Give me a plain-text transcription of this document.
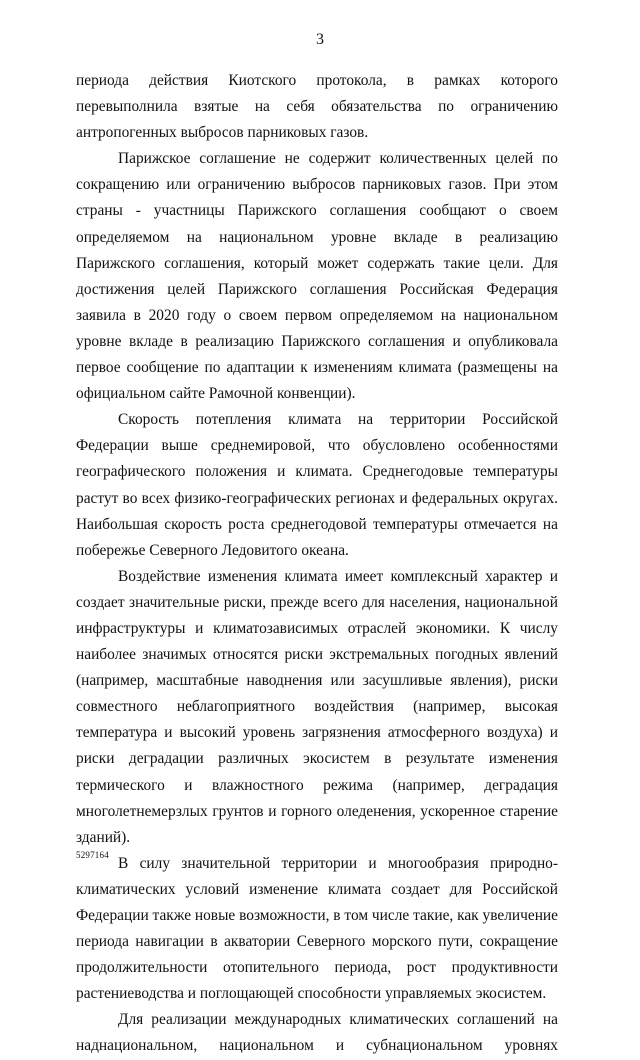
3

периода действия Киотского протокола, в рамках которого перевыполнила взятые на себя обязательства по ограничению антропогенных выбросов парниковых газов.

Парижское соглашение не содержит количественных целей по сокращению или ограничению выбросов парниковых газов. При этом страны - участницы Парижского соглашения сообщают о своем определяемом на национальном уровне вкладе в реализацию Парижского соглашения, который может содержать такие цели. Для достижения целей Парижского соглашения Российская Федерация заявила в 2020 году о своем первом определяемом на национальном уровне вкладе в реализацию Парижского соглашения и опубликовала первое сообщение по адаптации к изменениям климата (размещены на официальном сайте Рамочной конвенции).

Скорость потепления климата на территории Российской Федерации выше среднемировой, что обусловлено особенностями географического положения и климата. Среднегодовые температуры растут во всех физико-географических регионах и федеральных округах. Наибольшая скорость роста среднегодовой температуры отмечается на побережье Северного Ледовитого океана.

Воздействие изменения климата имеет комплексный характер и создает значительные риски, прежде всего для населения, национальной инфраструктуры и климатозависимых отраслей экономики. К числу наиболее значимых относятся риски экстремальных погодных явлений (например, масштабные наводнения или засушливые явления), риски совместного неблагоприятного воздействия (например, высокая температура и высокий уровень загрязнения атмосферного воздуха) и риски деградации различных экосистем в результате изменения термического и влажностного режима (например, деградация многолетнемерзлых грунтов и горного оледенения, ускоренное старение зданий).

В силу значительной территории и многообразия природно-климатических условий изменение климата создает для Российской Федерации также новые возможности, в том числе такие, как увеличение периода навигации в акватории Северного морского пути, сокращение продолжительности отопительного периода, рост продуктивности растениеводства и поглощающей способности управляемых экосистем.

Для реализации международных климатических соглашений на наднациональном, национальном и субнациональном уровнях

5297164
